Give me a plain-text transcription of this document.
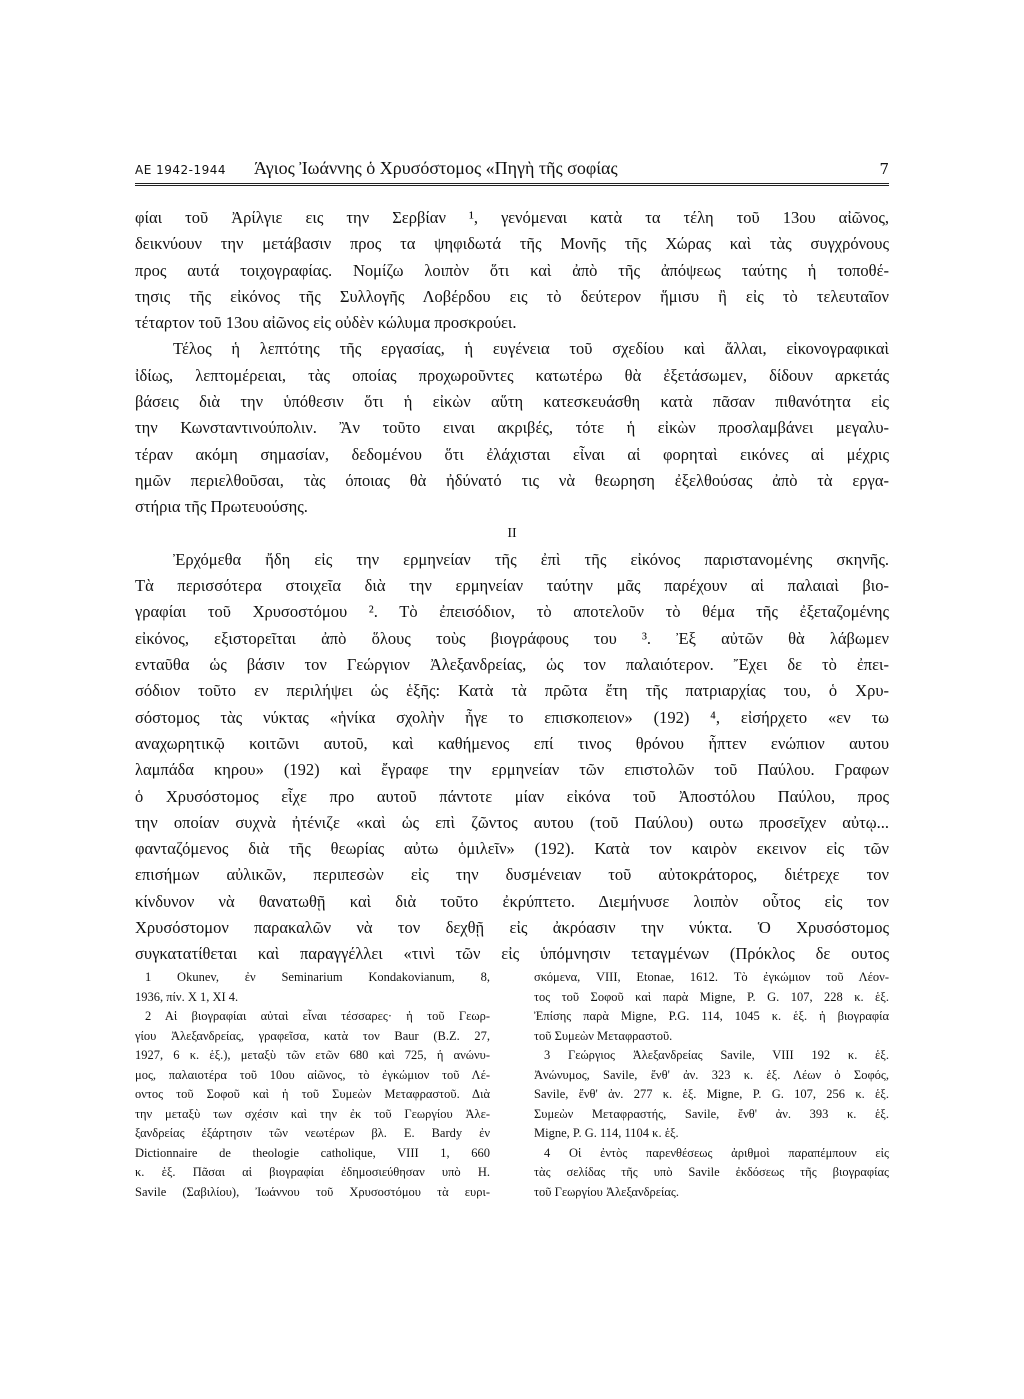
ΑΕ 1942-1944	Άγιος Ἰωάννης ὁ Χρυσόστομος «Πηγὴ τῆς σοφίας	7

φίαι τοῦ Ἀρίλγιε εις την Σερβίαν ¹, γενόμεναι κατὰ τα τέλη τοῦ 13ου αἰῶνος,
δεικνύουν την μετάβασιν προς τα ψηφιδωτά τῆς Μονῆς τῆς Χώρας καὶ τὰς συγχρόνους
προς αυτά τοιχογραφίας. Νομίζω λοιπὸν ὅτι καὶ ἀπὸ τῆς ἀπόψεως ταύτης ἡ τοποθέ-
τησις τῆς εἰκόνος τῆς Συλλογῆς Λοβέρδου εις τὸ δεύτερον ἥμισυ ἢ εἰς τὸ τελευταῖον
τέταρτον τοῦ 13ου αἰῶνος εἰς οὐδὲν κώλυμα προσκρούει.

Τέλος ἡ λεπτότης τῆς εργασίας, ἡ ευγένεια τοῦ σχεδίου καὶ ἄλλαι, εἰκονογραφικαὶ
ἰδίως, λεπτομέρειαι, τὰς οποίας προχωροῦντες κατωτέρω θὰ ἐξετάσωμεν, δίδουν αρκετάς
βάσεις διὰ την ὑπόθεσιν ὅτι ἡ εἰκὼν αὕτη κατεσκευάσθη κατὰ πᾶσαν πιθανότητα εἰς
την Κωνσταντινούπολιν. Ἂν τοῦτο ειναι ακριβές, τότε ἡ εἰκὼν προσλαμβάνει μεγαλυ-
τέραν ακόμη σημασίαν, δεδομένου ὅτι ἐλάχισται εἶναι αἱ φορηταὶ εικόνες αἱ μέχρις
ημῶν περιελθοῦσαι, τὰς όποιας θὰ ἠδύνατό τις νὰ θεωρηση ἐξελθούσας ἀπὸ τὰ εργα-
στήρια τῆς Πρωτευούσης.

II

Ἐρχόμεθα ἤδη εἰς την ερμηνείαν τῆς ἐπὶ τῆς εἰκόνος παριστανομένης σκηνῆς.
Τὰ περισσότερα στοιχεῖα διὰ την ερμηνείαν ταύτην μᾶς παρέχουν αἱ παλαιαὶ βιο-
γραφίαι τοῦ Χρυσοστόμου ². Τὸ ἐπεισόδιον, τὸ αποτελοῦν τὸ θέμα τῆς ἐξεταζομένης
εἰκόνος, εξιστορεῖται ἀπὸ ὅλους τοὺς βιογράφους του ³. Ἐξ αὐτῶν θὰ λάβωμεν
ενταῦθα ὡς βάσιν τον Γεώργιον Ἀλεξανδρείας, ὡς τον παλαιότερον. Ἔχει δε τὸ ἐπει-
σόδιον τοῦτο εν περιλήψει ὡς ἑξῆς: Κατὰ τὰ πρῶτα ἔτη τῆς πατριαρχίας του, ὁ Χρυ-
σόστομος τὰς νύκτας «ἡνίκα σχολὴν ἦγε το επισκοπειον» (192) ⁴, εἰσήρχετο «εν τω
αναχωρητικῷ κοιτῶνι αυτοῦ, καὶ καθήμενος επί τινος θρόνου ἧπτεν ενώπιον αυτου
λαμπάδα κηρου» (192) καὶ ἔγραφε την ερμηνείαν τῶν επιστολῶν τοῦ Παύλου. Γραφων
ὁ Χρυσόστομος εἶχε προ αυτοῦ πάντοτε μίαν εἰκόνα τοῦ Ἀποστόλου Παύλου, προς
την οποίαν συχνὰ ἠτένιζε «καὶ ὡς επὶ ζῶντος αυτου (τοῦ Παύλου) ουτω προσεῖχεν αὐτῳ...
φανταζόμενος διὰ τῆς θεωρίας αὐτω ὁμιλεῖν» (192). Κατὰ τον καιρὸν εκεινον εἰς τῶν
επισήμων αὐλικῶν, περιπεσὼν εἰς την δυσμένειαν τοῦ αὐτοκράτορος, διέτρεχε τον
κίνδυνον νὰ θανατωθῇ καὶ διὰ τοῦτο ἐκρύπτετο. Διεμήνυσε λοιπὸν οὗτος εἰς τον
Χρυσόστομον παρακαλῶν νὰ τον δεχθῇ εἰς ἀκρόασιν την νύκτα. Ὁ Χρυσόστομος
συγκατατίθεται καὶ παραγγέλλει «τινὶ τῶν εἰς ὑπόμνησιν τεταγμένων (Πρόκλος δε ουτος

1 Okunev, ἐν Seminarium Kondakovianum, 8,
1936, πίν. X 1, XI 4.
2 Αἱ βιογραφίαι αὐταὶ εἶναι τέσσαρες· ἡ τοῦ Γεωρ-
γίου Ἀλεξανδρείας, γραφεῖσα, κατὰ τον Baur (B.Z. 27,
1927, 6 κ. ἑξ.), μεταξὺ τῶν ετῶν 680 καὶ 725, ἡ ανώνυ-
μος, παλαιοτέρα τοῦ 10ου αἰῶνος, τὸ ἐγκώμιον τοῦ Λέ-
οντος τοῦ Σοφοῦ καὶ ἡ τοῦ Συμεὼν Μεταφραστοῦ. Διὰ
την μεταξὺ των σχέσιν καὶ την ἐκ τοῦ Γεωργίου Ἀλε-
ξανδρείας ἐξάρτησιν τῶν νεωτέρων βλ. E. Bardy ἐν
Dictionnaire de theologie catholique, VIII 1, 660
κ. ἑξ. Πᾶσαι αἱ βιογραφίαι ἐδημοσιεύθησαν υπὸ H.
Savile (Σαβιλίου), Ἰωάννου τοῦ Χρυσοστόμου τὰ ευρι-
σκόμενα, VIII, Etonae, 1612. Τὸ ἐγκώμιον τοῦ Λέον-
τος τοῦ Σοφοῦ καὶ παρὰ Migne, P. G. 107, 228 κ. ἑξ.
Ἐπίσης παρὰ Migne, P.G. 114, 1045 κ. ἑξ. ἡ βιογραφία
τοῦ Συμεὼν Μεταφραστοῦ.
3 Γεώργιος Ἀλεξανδρείας Savile, VIII 192 κ. ἑξ.
Ἀνώνυμος, Savile, ἔνθ' ἀν. 323 κ. ἑξ. Λέων ὁ Σοφός,
Savile, ἔνθ' ἀν. 277 κ. ἑξ. Migne, P. G. 107, 256 κ. ἑξ.
Συμεὼν Μεταφραστής, Savile, ἔνθ' ἀν. 393 κ. ἑξ.
Migne, P. G. 114, 1104 κ. ἑξ.
4 Οἱ ἐντὸς παρενθέσεως ἀριθμοὶ παραπέμπουν εἰς
τὰς σελίδας τῆς υπὸ Savile ἐκδόσεως τῆς βιογραφίας
τοῦ Γεωργίου Ἀλεξανδρείας.
